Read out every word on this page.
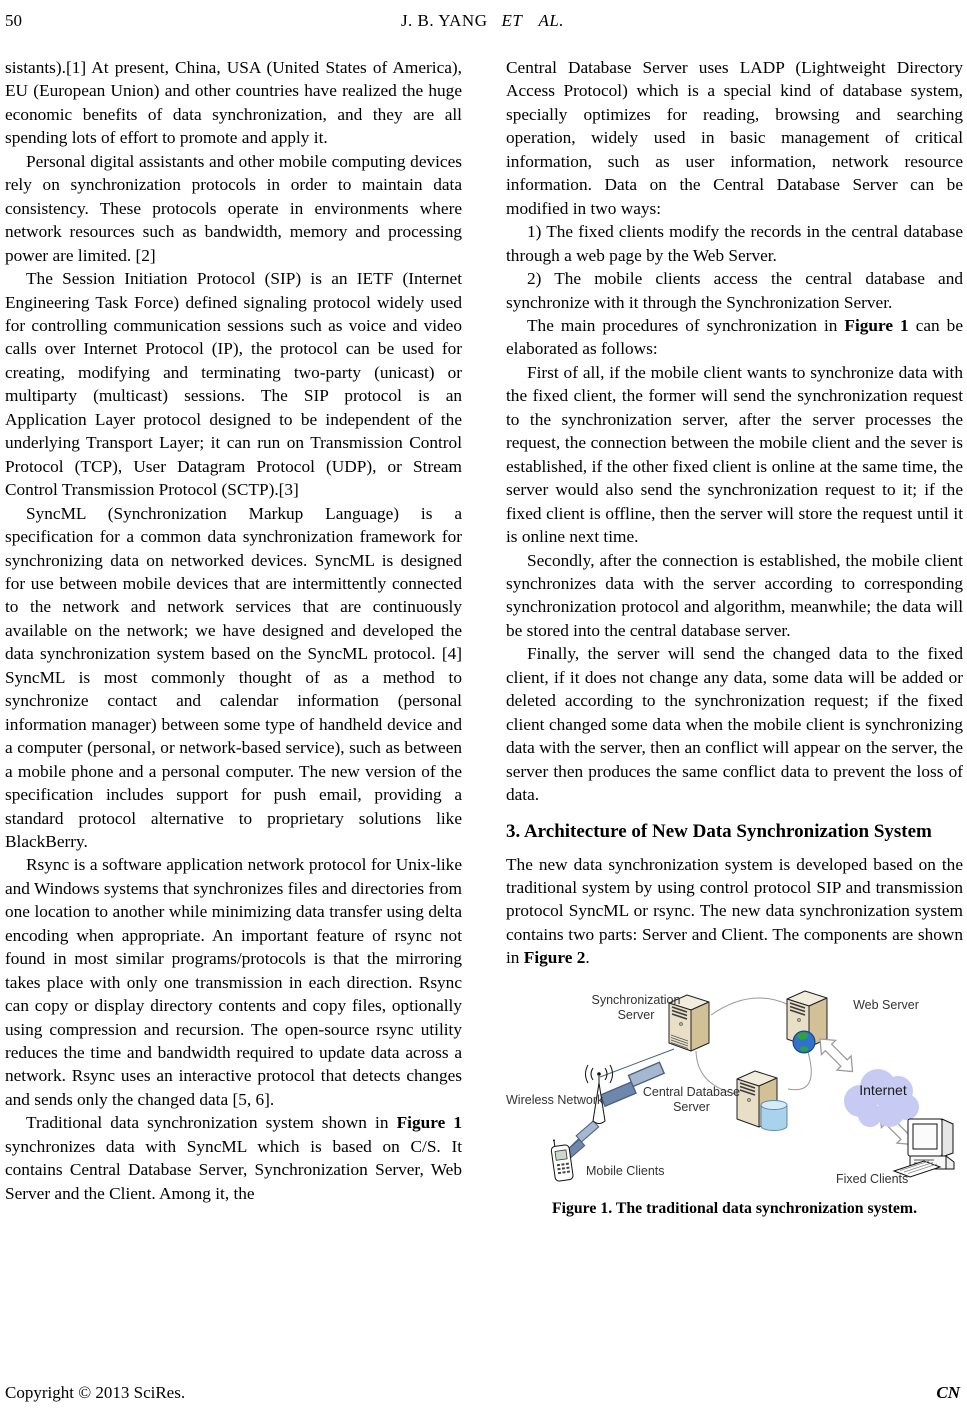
50	J. B. YANG ET AL.

sistants).[1] At present, China, USA (United States of America), EU (European Union) and other countries have realized the huge economic benefits of data synchronization, and they are all spending lots of effort to promote and apply it.

Personal digital assistants and other mobile computing devices rely on synchronization protocols in order to maintain data consistency. These protocols operate in environments where network resources such as bandwidth, memory and processing power are limited. [2]

The Session Initiation Protocol (SIP) is an IETF (Internet Engineering Task Force) defined signaling protocol widely used for controlling communication sessions such as voice and video calls over Internet Protocol (IP), the protocol can be used for creating, modifying and terminating two-party (unicast) or multiparty (multicast) sessions. The SIP protocol is an Application Layer protocol designed to be independent of the underlying Transport Layer; it can run on Transmission Control Protocol (TCP), User Datagram Protocol (UDP), or Stream Control Transmission Protocol (SCTP).[3]

SyncML (Synchronization Markup Language) is a specification for a common data synchronization framework for synchronizing data on networked devices. SyncML is designed for use between mobile devices that are intermittently connected to the network and network services that are continuously available on the network; we have designed and developed the data synchronization system based on the SyncML protocol. [4] SyncML is most commonly thought of as a method to synchronize contact and calendar information (personal information manager) between some type of handheld device and a computer (personal, or network-based service), such as between a mobile phone and a personal computer. The new version of the specification includes support for push email, providing a standard protocol alternative to proprietary solutions like BlackBerry.

Rsync is a software application network protocol for Unix-like and Windows systems that synchronizes files and directories from one location to another while minimizing data transfer using delta encoding when appropriate. An important feature of rsync not found in most similar programs/protocols is that the mirroring takes place with only one transmission in each direction. Rsync can copy or display directory contents and copy files, optionally using compression and recursion. The open-source rsync utility reduces the time and bandwidth required to update data across a network. Rsync uses an interactive protocol that detects changes and sends only the changed data [5, 6].

Traditional data synchronization system shown in Figure 1 synchronizes data with SyncML which is based on C/S. It contains Central Database Server, Synchronization Server, Web Server and the Client. Among it, the

Central Database Server uses LADP (Lightweight Directory Access Protocol) which is a special kind of database system, specially optimizes for reading, browsing and searching operation, widely used in basic management of critical information, such as user information, network resource information. Data on the Central Database Server can be modified in two ways:

1) The fixed clients modify the records in the central database through a web page by the Web Server.

2) The mobile clients access the central database and synchronize with it through the Synchronization Server.

The main procedures of synchronization in Figure 1 can be elaborated as follows:

First of all, if the mobile client wants to synchronize data with the fixed client, the former will send the synchronization request to the synchronization server, after the server processes the request, the connection between the mobile client and the sever is established, if the other fixed client is online at the same time, the server would also send the synchronization request to it; if the fixed client is offline, then the server will store the request until it is online next time.

Secondly, after the connection is established, the mobile client synchronizes data with the server according to corresponding synchronization protocol and algorithm, meanwhile; the data will be stored into the central database server.

Finally, the server will send the changed data to the fixed client, if it does not change any data, some data will be added or deleted according to the synchronization request; if the fixed client changed some data when the mobile client is synchronizing data with the server, then an conflict will appear on the server, the server then produces the same conflict data to prevent the loss of data.

3. Architecture of New Data Synchronization System

The new data synchronization system is developed based on the traditional system by using control protocol SIP and transmission protocol SyncML or rsync. The new data synchronization system contains two parts: Server and Client. The components are shown in Figure 2.

Synchronization Server
Web Server
Central Database Server
Wireless Network
Internet
Mobile Clients
Fixed Clients

Figure 1. The traditional data synchronization system.

Copyright © 2013 SciRes.	CN
